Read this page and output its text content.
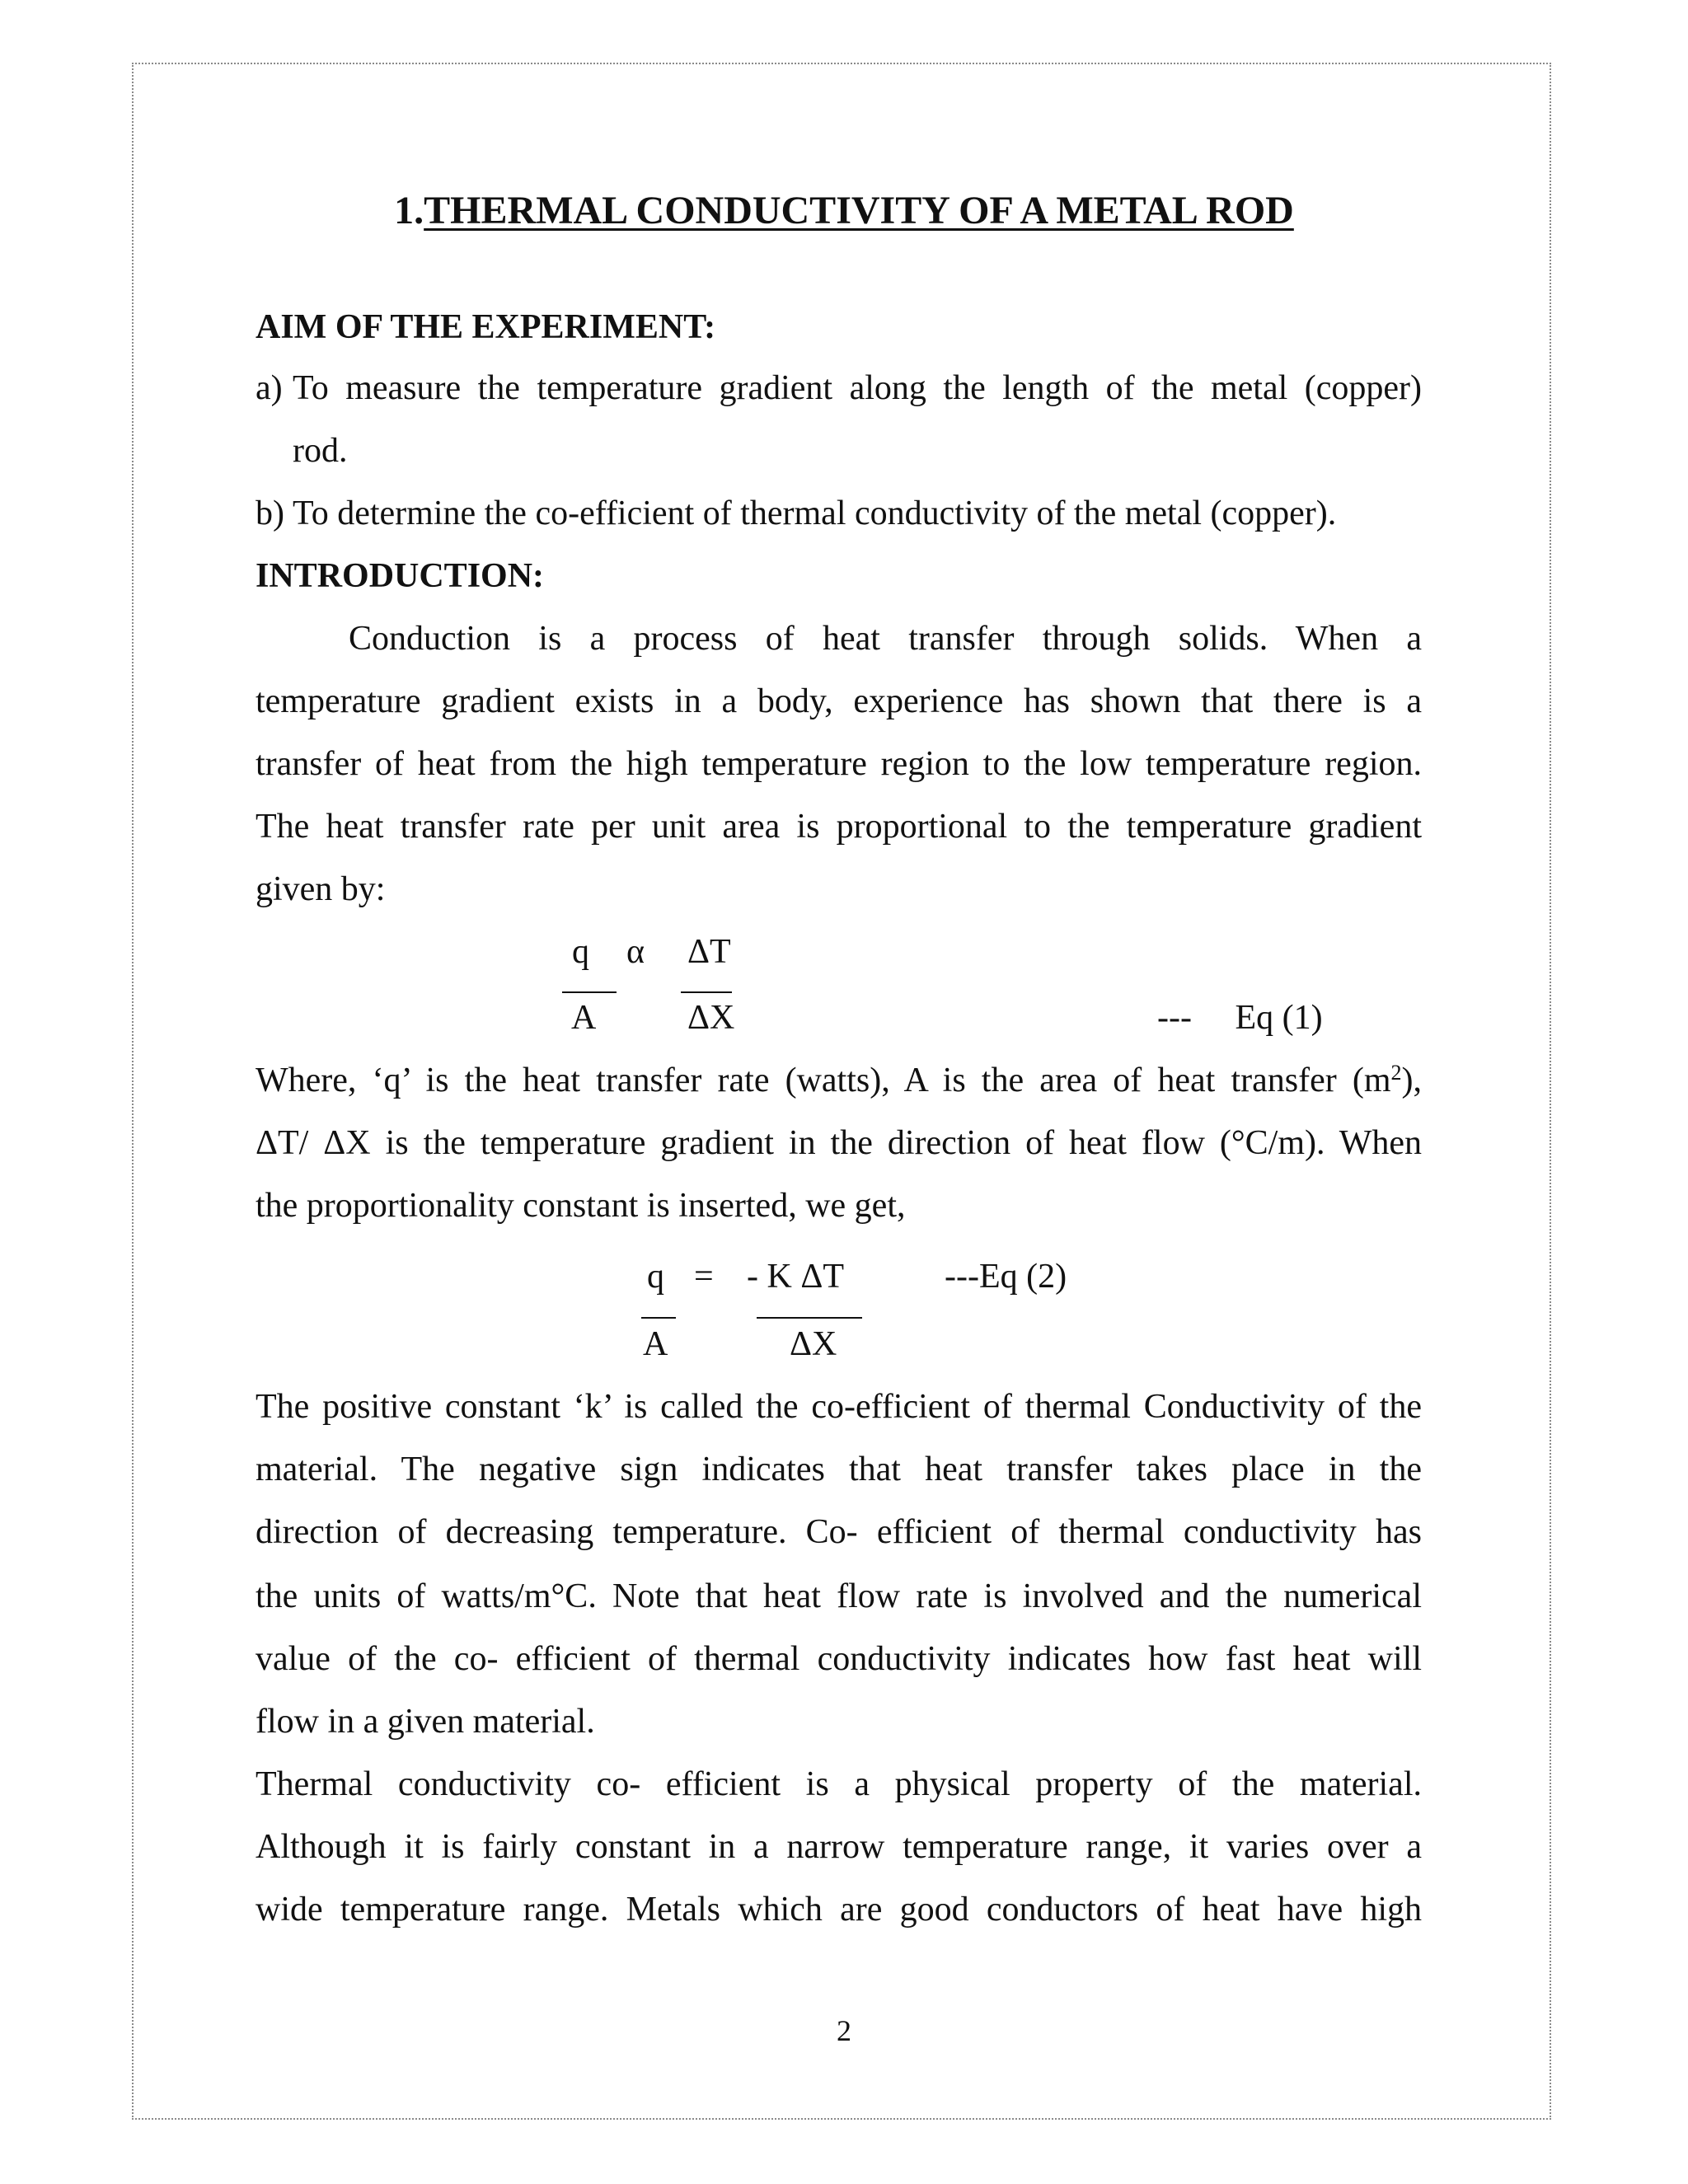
1.THERMAL CONDUCTIVITY OF A METAL ROD
AIM OF THE EXPERIMENT:
a) To measure the temperature gradient along the length of the metal (copper)
rod.
b) To determine the co-efficient of thermal conductivity of the metal (copper).
INTRODUCTION:
Conduction is a process of heat transfer through solids. When a
temperature gradient exists in a body, experience has shown that there is a
transfer of heat from the high temperature region to the low temperature region.
The heat transfer rate per unit area is proportional to the temperature gradient
given by:
q α ΔT
A	ΔX	---     Eq (1)
Where, ‘q’ is the heat transfer rate (watts), A is the area of heat transfer $(m^2)$,
ΔT/ ΔX is the temperature gradient in the direction of heat flow (°C/m). When
the proportionality constant is inserted, we get,
q = - K ΔT	---Eq (2)
A	ΔX
The positive constant ‘k’ is called the co-efficient of thermal Conductivity of the
material. The negative sign indicates that heat transfer takes place in the
direction of decreasing temperature. Co- efficient of thermal conductivity has
the units of watts/m°C. Note that heat flow rate is involved and the numerical
value of the co- efficient of thermal conductivity indicates how fast heat will
flow in a given material.
Thermal conductivity co- efficient is a physical property of the material.
Although it is fairly constant in a narrow temperature range, it varies over a
wide temperature range. Metals which are good conductors of heat have high
2
